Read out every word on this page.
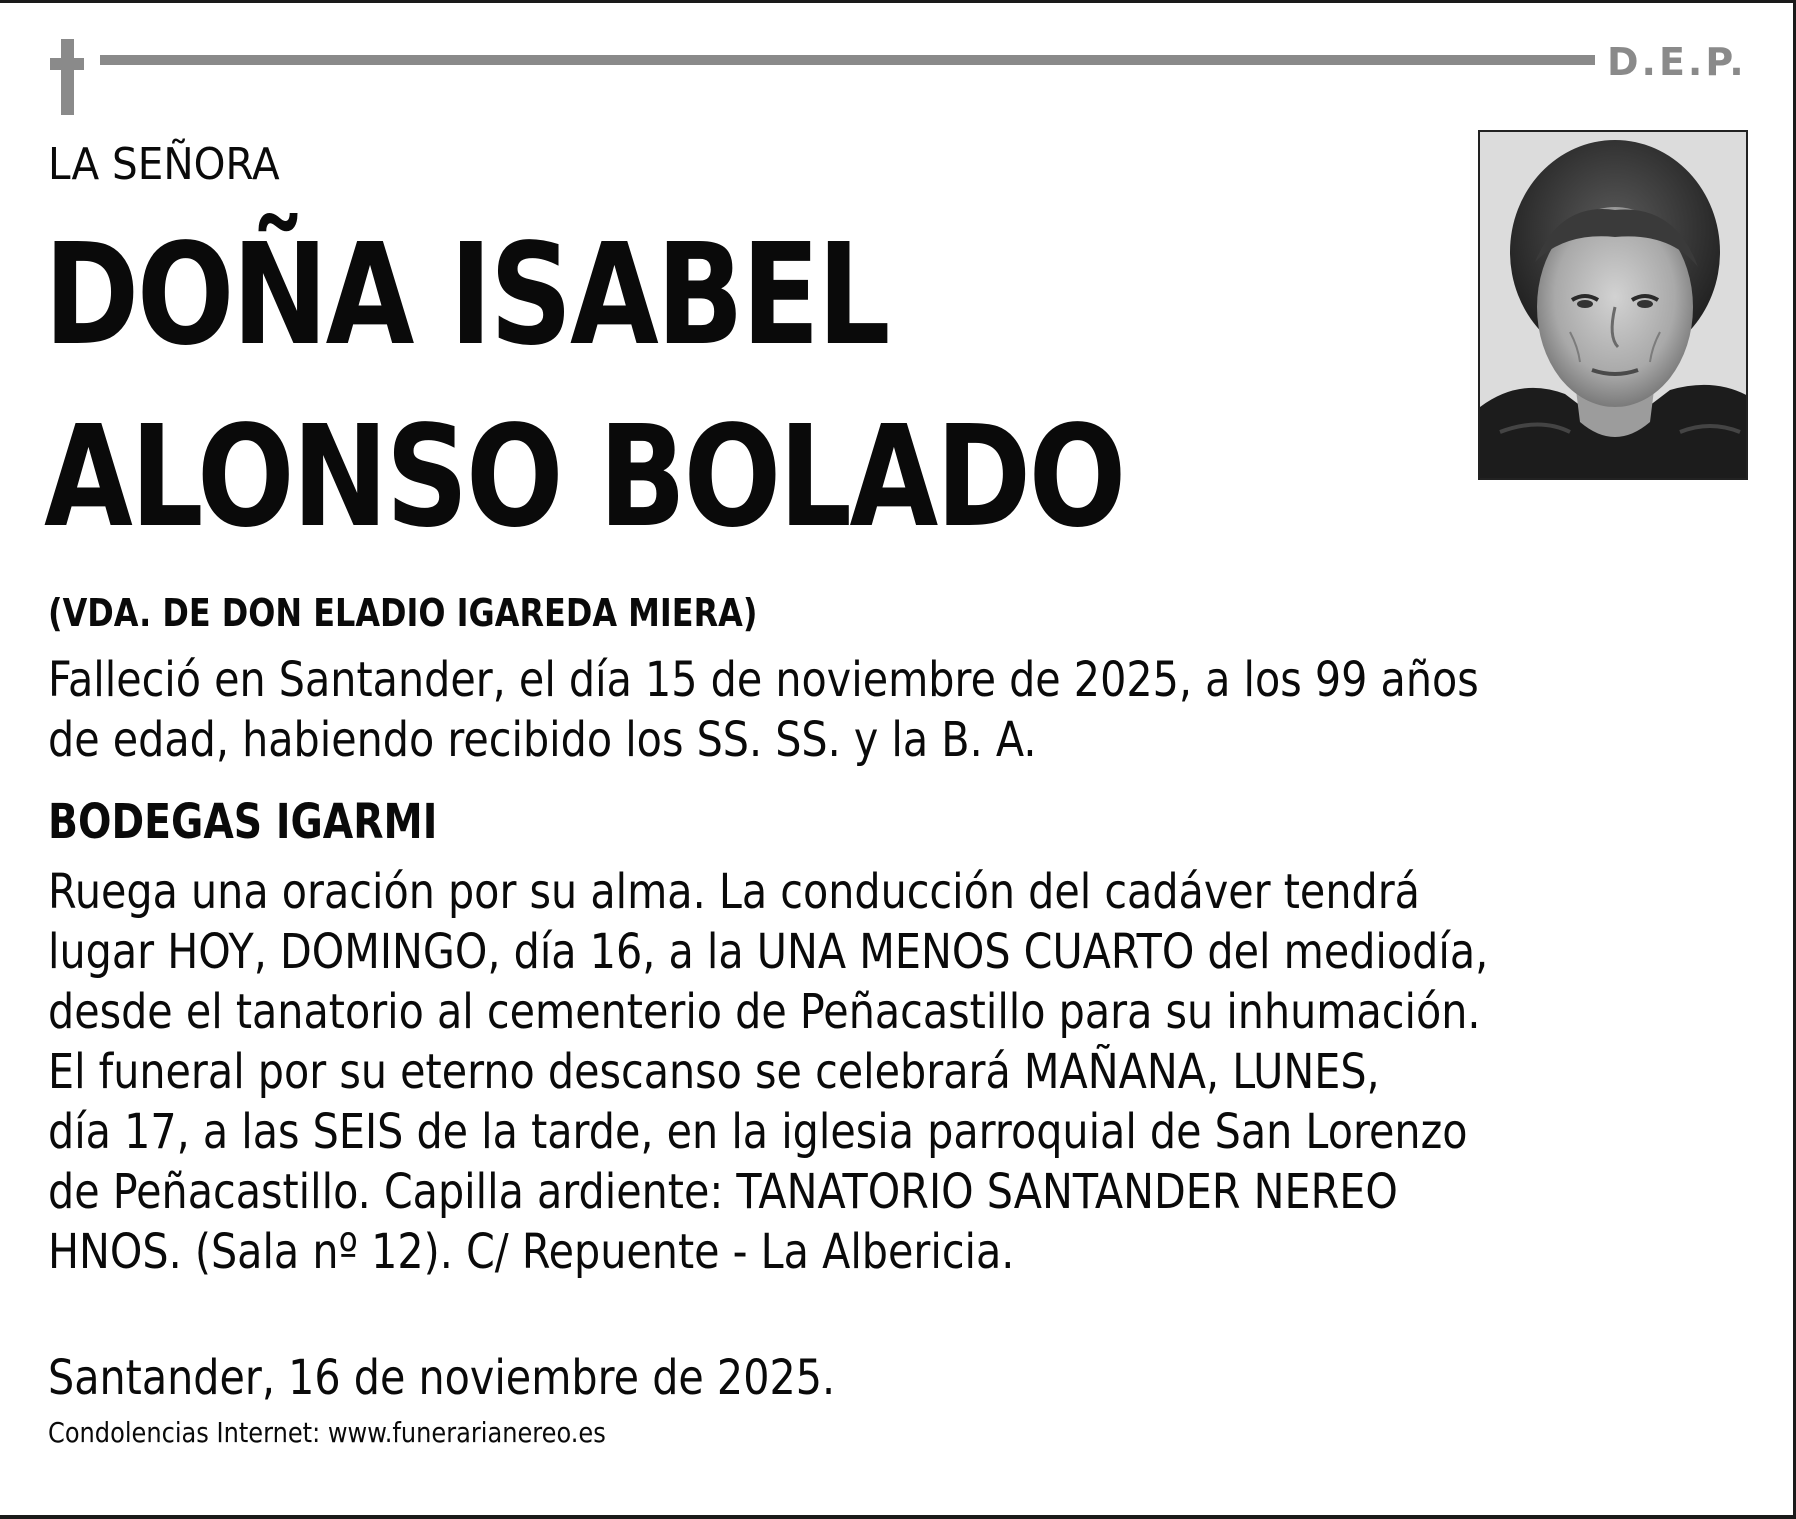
D.E.P.
LA SEÑORA
DOÑA ISABEL
ALONSO BOLADO
(VDA. DE DON ELADIO IGAREDA MIERA)
Falleció en Santander, el día 15 de noviembre de 2025, a los 99 años
de edad, habiendo recibido los SS. SS. y la B. A.
BODEGAS IGARMI
Ruega una oración por su alma. La conducción del cadáver tendrá
lugar HOY, DOMINGO, día 16, a la UNA MENOS CUARTO del mediodía,
desde el tanatorio al cementerio de Peñacastillo para su inhumación.
El funeral por su eterno descanso se celebrará MAÑANA, LUNES,
día 17, a las SEIS de la tarde, en la iglesia parroquial de San Lorenzo
de Peñacastillo. Capilla ardiente: TANATORIO SANTANDER NEREO
HNOS. (Sala nº 12). C/ Repuente - La Albericia.
Santander, 16 de noviembre de 2025.
Condolencias Internet: www.funerarianereo.es
